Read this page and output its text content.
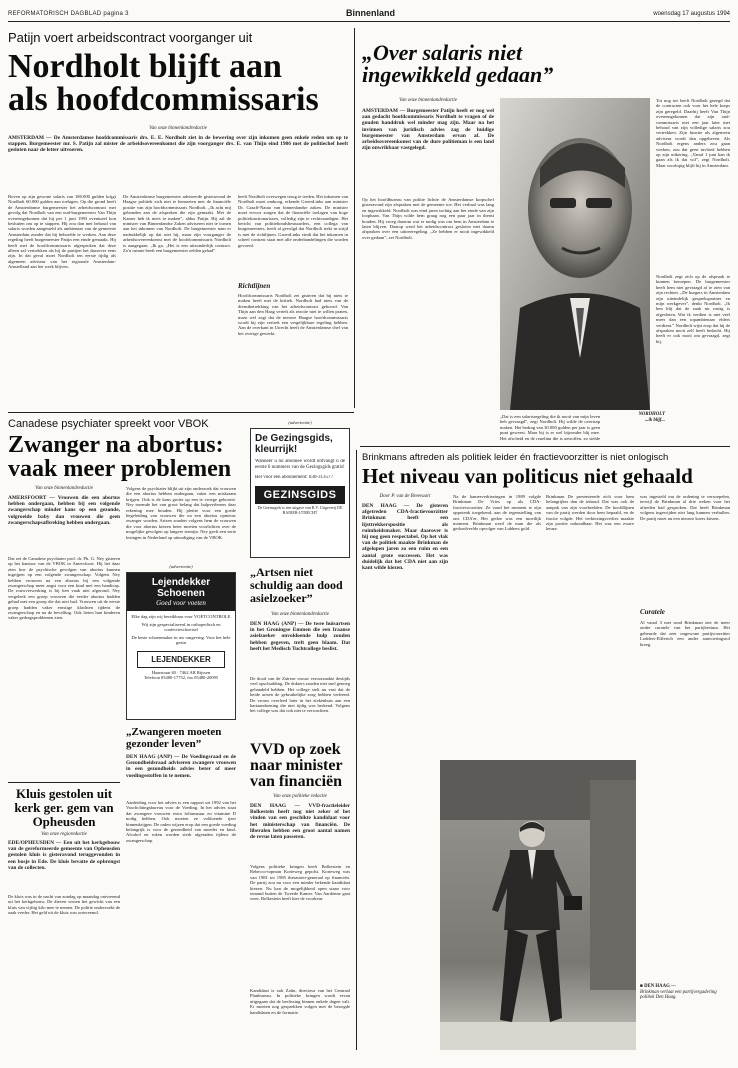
REFORMATORISCH DAGBLAD pagina 3	Binnenland	woensdag 17 augustus 1994
Patijn voert arbeidscontract voorganger uit
Nordholt blijft aan
als hoofdcommissaris
Van onze binnenlandredactie
AMSTERDAM — De Amsterdamse hoofdcommissaris drs. E. E. Nordholt ziet in de bewering over zijn inkomen geen enkele reden om op te stappen. Burgemeester mr. S. Patijn zal mister de arbeidsovereenkomst die zijn voorganger drs. E. van Thijn eind 1986 met de politiechef heeft gesloten naar de letter uitvoeren.
Boven op zijn gewone salaris van 180.000 gulden krijgt Nordholt 60.000 gulden aan toelagen. Op die grond heeft de Amsterdamse burgemeester het arbeidscontract met gevolg dat Nordholt van een oud-burgemeester Van Thijn overeengekomen dat hij per 1 juni 1993 eventueel kon besluiten om op te stappen. Hij zou dan met behoud van salaris worden aangesteld als ambtenaar van de gemeente Amsterdam zonder dat hij behoefde te werken. Aan deze regeling heeft burgemeester Patijn een einde gemaakt. Hij heeft met de hoofdcommissaris afgesproken dat deze alleen zal vertrekken als hij de partijen het daarover eens zijn. In dat geval moet Nordholt ten eerste tijdig als algemeen adviseur van het regionale Amsterdam-Amstelland aan het werk blijven.
De Amsterdamse burgemeester adviseerde gisteravond de Haagse politiek zich niet te bemoeien met de financiële positie van zijn hoofdcommissaris Nordholt. „Ik acht mij gebonden aan de afspraken die zijn gemaakt. Met de Kamer heb ik niets te maken”, aldus Patijn. Hij zal de minister van Binnenlandse Zaken adviseren niet te tornen aan het inkomen van Nordholt. De burgemeester nam er nadrukkelijk op dat niet hij, maar zijn voorganger de arbeidsovereenkomst met de hoofdcommissaris Nordholt is aangegaan. „Ik ga, „Het is een uitzonderlijk contract. Zo'n ruimte heeft een burgemeester zelden gehad”.
heeft Nordholt overwegen terug te treden. Het inkomen van Nordholt moet omhoog, erkende GroenLinks aan minister Dr. Graaff-Nauta van binnenlandse zaken. De minister moet ervoor zorgen dat de financiële toelagen van hoge politiefunctionarissen, volledig zijn te rechtvaardigen. Het bericht van politiebondsbestuurders, een collega van burgemeesters, heeft al gevolgd dat Nordholt trekt in strijd is met de richtlijnen. GroenLinks vindt dat het inkomen in scheef contrast staat met alle onderhandelingen die worden gevoerd.
Richtlijnen
Hoofdcommissaris Nordholt zei gisteren dat hij niets te maken heeft met de kritiek. Nordholt had niets van de dienstbetrekking van het arbeidscontract gehoord. Van Thijn aan den Haag vertelt als reactie niet te willen praten, maar wel zegt dat de nieuwe Haagse hoofdcommissaris wordt bij zijn vertrek een vergelijkbare regeling hebben. Aan de overkant in Utrecht heeft de Amsterdamse chef van het overige gewerkt.
„Over salaris niet ingewikkeld gedaan”
Van onze binnenlandredactie
AMSTERDAM — Burgemeester Patijn heeft er nog wel aan gedacht hoofdcommissaris Nordholt te vragen of de gouden handdruk wel minder mag zijn. Maar na het invinnen van juridisch advies zag de huidige burgemeester van Amsterdam ervan af. De arbeidsovereenkomst van de dure politieman is een land zijn onwrikbaar vastgelegd.
Op het hoofdbureau van politie lichtte de Amsterdamse korpschef gisteravond zijn afspraken met de gemeente toe. Het verhaal was lang en ingewikkeld. Nordholt was eind jaren tachtig aan het einde van zijn loopbaan. Van Thijn wilde hem graag nog een paar jaar in dienst houden. Hij vroeg daarom wat er nodig was om hem in Amsterdam te laten blijven. Daarop werd het arbeidscontract gesloten met daarin afspraken over een uittreeregeling. „Ze hebben er nooit ingewikkeld over gedaan”, zei Nordholt.
NORDHOLT
...ik blijf...
„Dat is een salarisregeling die ik nooit van mijn leven heb gevraagd”, zegt Nordholt. Hij wilde de overstap maken. Het bedrag van 30.000 gulden per jaar is geen punt geweest. Maar hij is er wel bijzonder blij mee. Het afscheid en de regeling die is getroffen, zo stelde
Tot nog toe heeft Nordholt gezegd dat de contracten ook voor het hele korps zijn geregeld. Daarbij heeft Van Thijn overeengekomen dat zijn oud-commissaris niet een jaar later met behoud van zijn volledige salaris zou vertrekken. Zijn functie als algemeen adviseur wordt dan opgeheven. Als Nordholt ergens anders zou gaan werken, zou dat geen invloed hebben op zijn uitkering. „Vanaf 1 juni kan ik gaan als ik dat wil”, zegt Nordholt. Maar voorlopig blijft hij in Amsterdam.
Nordholt zegt zich op de afspraak te kunnen beroepen. De burgemeester heeft hem niet gevraagd af te zien van zijn rechten. „De burgers in Amsterdam zijn uiteindelijk gesprekspartner en mijn werkgever”, denkt Nordholt. „Ik ben blij dat de zaak nu rustig is afgesloten. Wat ik verdien is niet veel meer dan een topambtenaar elders verdient.” Nordholt wijst erop dat hij de afspraken nooit zelf heeft bedacht. Hij heeft er ook nooit om gevraagd, zegt hij.
Canadese psychiater spreekt voor VBOK
Zwanger na abortus:
vaak meer problemen
Van onze binnenlandredactie
AMERSFOORT — Vrouwen die een abortus hebben ondergaan, hebben bij een volgende zwangerschap minder kans op een gezonde, volgroeide baby dan vrouwen die geen zwangerschapsafbreking hebben ondergaan.
Dat zei de Canadese psychiater prof. dr. Ph. G. Ney gisteren op het kantoor van de VBOK in Amersfoort. Hij liet daar zien hoe de psychische gevolgen van abortus kunnen ingrijpen op een volgende zwangerschap. Volgens Ney hebben vrouwen na een abortus bij een volgende zwangerschap meer angst voor een kind met een handicap. De rouwverwerking is bij hen vaak niet afgerond. Ney vergeleek een groep vrouwen die eerder abortus hadden gehad met een groep die dat niet had. Vrouwen uit de eerste groep hadden vaker ernstige klachten tijdens de zwangerschap en na de bevalling. Ook lieten hun kinderen vaker gedragsproblemen zien.
Volgens de psychiater blijkt uit zijn onderzoek dat vrouwen die een abortus hebben ondergaan, vaker een miskraam krijgen. Ook is de kans groter op een te vroege geboorte. Ney noemde het van groot belang dat hulpverleners daar rekening mee houden. Hij pleitte voor een goede begeleiding van vrouwen die na een abortus opnieuw zwanger worden. Artsen zouden volgens hem de vrouwen die voor abortus kiezen beter moeten voorlichten over de mogelijke gevolgen op langere termijn. Ney geeft een serie lezingen in Nederland op uitnodiging van de VBOK.
(advertentie)
De Gezingsgids, kleurrijk!
Wanneer u nu abonnee wordt ontvangt u de eerste 6 nummers van de Gezingsgids gratis!
Bel voor een abonnement: 030-313577
GEZINSGIDS
De Gezinsgids is een uitgave van B.V. Uitgeverij DE BANIER-UTRECHT
(advertentie)
Lejendekker
Schoenen
Goed voor voeten
Elke dag zijn wij bereikbaar voor VOETCONTROLE
Wij zijn gespecialiseerd in orthopedisch en confectieschoeisel
De beste schoenmaker in uw omgeving. Voor het hele gezin
LEJENDEKKER
Haarstraat 40 · 7462 AR Rijssen
Telefoon 05480-17752, fax 05480-20095
„Artsen niet schuldig aan dood asielzoeker”
Van onze binnenlandredactie
DEN HAAG (ANP) — De twee huisartsen in het Groningse Emmen die een Iraanse asielzoeker onvoldoende hulp zouden hebben gegeven, treft geen blaam. Dat heeft het Medisch Tuchtcollege beslist.
De dood van de Zaïrese vrouw veroorzaakte destijds veel opschudding. De dokters zouden niet snel genoeg gehandeld hebben. Het college stelt nu vast dat de beide artsen de gebruikelijke zorg hebben verleend. De vrouw overleed later in het ziekenhuis aan een hartaandoening die niet tijdig was herkend. Volgens het college was dat ook niet te verwachten.
„Zwangeren moeten gezonder leven”
DEN HAAG (ANP) — De Voedingsraad en de Gezondheidsraad adviseren zwangere vrouwen in een gezondheids advies beter of meer voedingsstoffen in te nemen.
Aanleiding voor het advies is een rapport uit 1992 van het Voorlichtingsbureau voor de Voeding. In het advies staat dat zwangere vrouwen extra foliumzuur en vitamine D nodig hebben. Ook moeten ze voldoende ijzer binnenkrijgen. De raden wijzen erop dat een goede voeding belangrijk is voor de gezondheid van moeder en kind. Alcohol en roken worden sterk afgeraden tijdens de zwangerschap.
Kluis gestolen uit kerk ger. gem van Opheusden
Van onze regioredactie
EDE/OPHEUSDEN — Een uit het kerkgebouw van de gereformeerde gemeente van Opheusden gestolen kluis is gisteravond teruggevonden in een bosje in Ede. De kluis bevatte de opbrengst van de collecten.
De kluis was in de nacht van zondag op maandag ontvreemd uit het kerkgebouw. De dieven wisten het gewicht van een kluis van vijftig kilo mee te nemen. De politie onderzoekt de zaak verder. Het geld uit de kluis was ontvreemd.
VVD op zoek
naar minister
van financiën
Van onze politieke redactie
DEN HAAG — VVD-fractieleider Bolkestein heeft nog niet zeker of het vinden van een geschikte kandidaat voor het ministerschap van financiën. De liberalen hebben een groot aantal namen de revue laten passeren.
Volgens politieke kringen heeft Bolkestein en Rebecco-topman Korteweg gepolst. Korteweg was van 1981 tot 1985 thesaurier-generaal op financiën. De partij zou nu voor een minder bekende kandidaat kiezen. Nu kan de mogelijkheid open staan voor iemand buiten de Tweede Kamer. Van Aardenne gaat weer. Bolkestein heeft hier de voorkeur.
Kandidaat is ook Zalm, directeur van het Centraal Planbureau. In politieke kringen wordt ervan uitgegaan dat de beslissing binnen enkele dagen valt. Er moeten nog gesprekken volgen met de beoogde kandidaten en de formatie.
Brinkmans aftreden als politiek leider én fractievoorzitter is niet onlogisch
Het niveau van politicus niet gehaald
Door P. van de Breevaart
DEN HAAG — De gisteren afgetreden CDA-fractievoorzitter Brinkman heeft een lijsttrekkerspositie als ruimheidsmaker. Maar daarover is hij nog geen respectabel. Op het vlak van de politiek maakte Brinkman de afgelopen jaren zo een ruim en een aantal grote successen. Het was duidelijk dat het CDA niet aan zijn kant wilde kiezen.
Na de kamerverkiezingen in 1989 volgde Brinkman De Vries op als CDA-fractievoorzitter. Ze vond het moment te zijn oppotenk toegekend, aan de tegenstelling van ons CDA'er. Het gedoe was een moeilijk moment. Brinkman werd de man die als gedoodverfde opvolger van Lubbers gold.
Brinkman De presenteerde zich voor hem belangrijker dan de inhoud. Dat was ook de aanpak van zijn voorbeelden. De hoofdlijnen van de partij werden door hem bepaald, en de fractie volgde. Het verkiezingsverlies maakte zijn positie onhoudbaar. Het was een zware keuze.
was ingesteld om de ordening te versoepelen, terwijl de Brinkman al drie weken voor het aftreden had gesproken. Dat heeft Brinkman volgens ingewijden niet lang kunnen verhullen. De partij moet nu een nieuwe koers kiezen.
Curatele
Al vanaf 3 mei rond Brinkman ziet de meer onder curatele van het partijbestuur. Het gebeurde dat zeer ongewone partijvoorzitter Lodders-Elfferich een ander aanvoeringsrol kreeg.
■ DEN HAAG —
Brinkman verlaat een partijvergadering politiek Den Haag.
